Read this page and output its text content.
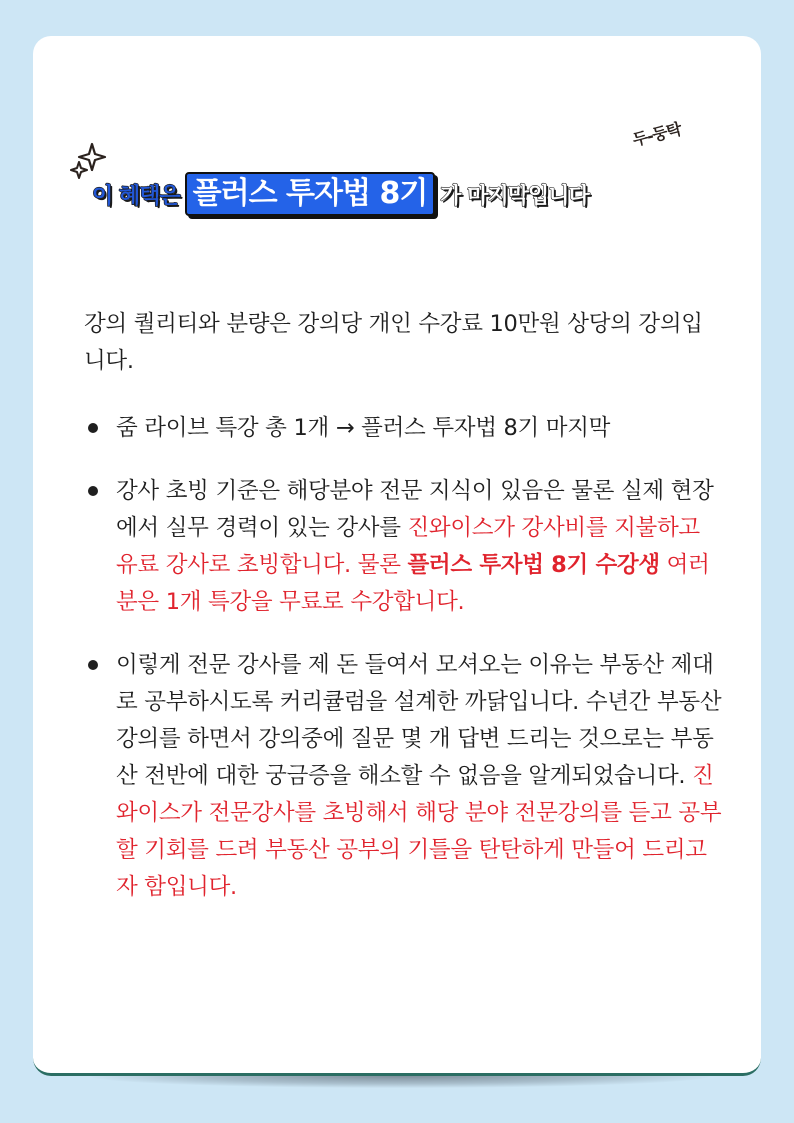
이 혜택은 플러스 투자법 8기 가 마지막입니다
두-둥탁

강의 퀄리티와 분량은 강의당 개인 수강료 10만원 상당의 강의입니다.

줌 라이브 특강 총 1개 → 플러스 투자법 8기 마지막
강사 초빙 기준은 해당분야 전문 지식이 있음은 물론 실제 현장에서 실무 경력이 있는 강사를 진와이스가 강사비를 지불하고 유료 강사로 초빙합니다. 물론 플러스 투자법 8기 수강생 여러분은 1개 특강을 무료로 수강합니다.
이렇게 전문 강사를 제 돈 들여서 모셔오는 이유는 부동산 제대로 공부하시도록 커리큘럼을 설계한 까닭입니다. 수년간 부동산 강의를 하면서 강의중에 질문 몇 개 답변 드리는 것으로는 부동산 전반에 대한 궁금증을 해소할 수 없음을 알게되었습니다. 진와이스가 전문강사를 초빙해서 해당 분야 전문강의를 듣고 공부할 기회를 드려 부동산 공부의 기틀을 탄탄하게 만들어 드리고자 함입니다.
